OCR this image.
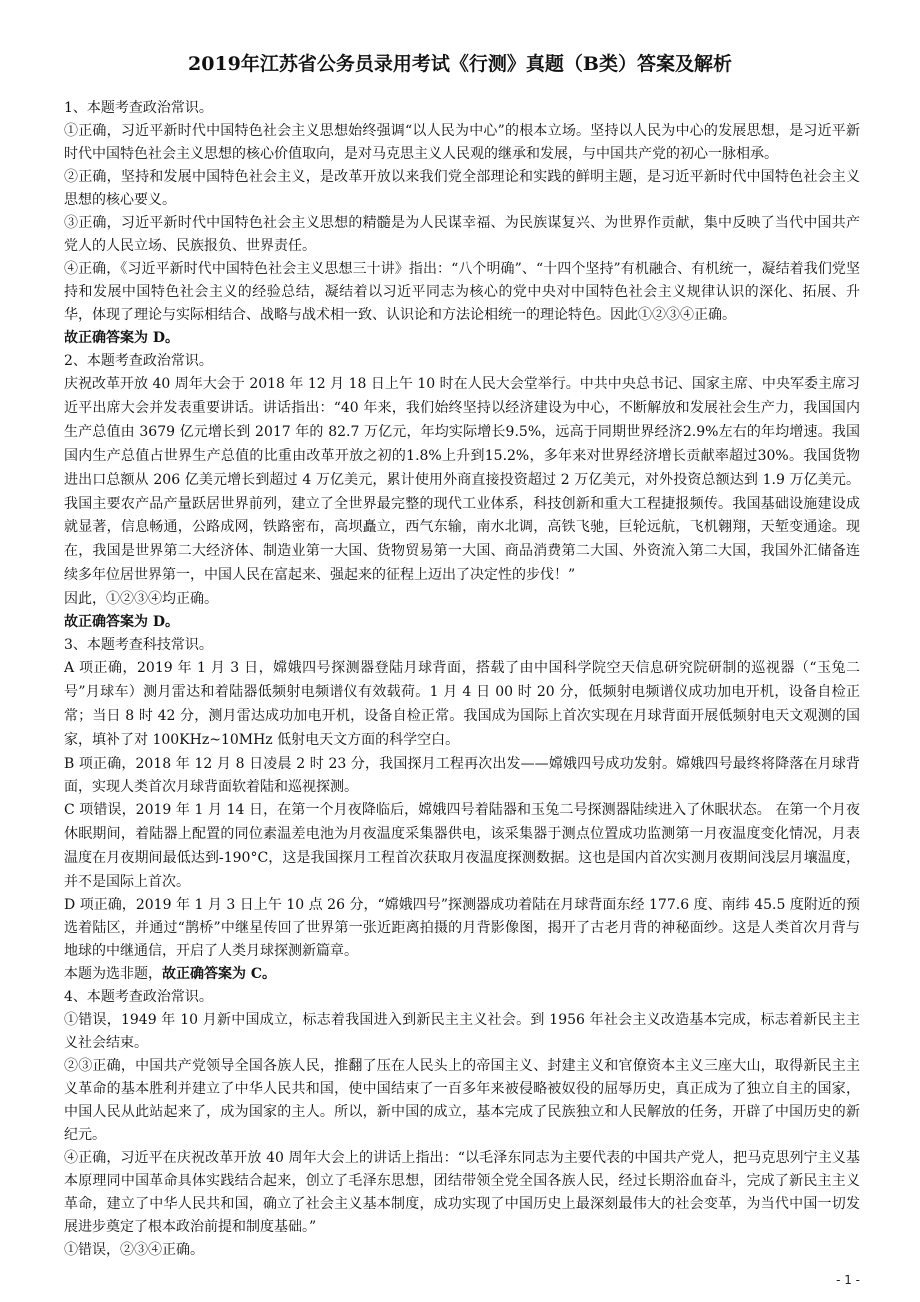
2019年江苏省公务员录用考试《行测》真题（B类）答案及解析

1、本题考查政治常识。

①正确，习近平新时代中国特色社会主义思想始终强调“以人民为中心”的根本立场。坚持以人民为中心的发展思想，是习近平新时代中国特色社会主义思想的核心价值取向，是对马克思主义人民观的继承和发展，与中国共产党的初心一脉相承。

②正确，坚持和发展中国特色社会主义，是改革开放以来我们党全部理论和实践的鲜明主题，是习近平新时代中国特色社会主义思想的核心要义。

③正确，习近平新时代中国特色社会主义思想的精髓是为人民谋幸福、为民族谋复兴、为世界作贡献，集中反映了当代中国共产党人的人民立场、民族报负、世界责任。

④正确，《习近平新时代中国特色社会主义思想三十讲》指出：“八个明确”、“十四个坚持”有机融合、有机统一，凝结着我们党坚持和发展中国特色社会主义的经验总结，凝结着以习近平同志为核心的党中央对中国特色社会主义规律认识的深化、拓展、升华，体现了理论与实际相结合、战略与战术相一致、认识论和方法论相统一的理论特色。因此①②③④正确。

故正确答案为 D。

2、本题考查政治常识。

庆祝改革开放 40 周年大会于 2018 年 12 月 18 日上午 10 时在人民大会堂举行。中共中央总书记、国家主席、中央军委主席习近平出席大会并发表重要讲话。讲话指出：“40 年来，我们始终坚持以经济建设为中心，不断解放和发展社会生产力，我国国内生产总值由 3679 亿元增长到 2017 年的 82.7 万亿元，年均实际增长9.5%，远高于同期世界经济2.9%左右的年均增速。我国国内生产总值占世界生产总值的比重由改革开放之初的1.8%上升到15.2%，多年来对世界经济增长贡献率超过30%。我国货物进出口总额从 206 亿美元增长到超过 4 万亿美元，累计使用外商直接投资超过 2 万亿美元，对外投资总额达到 1.9 万亿美元。我国主要农产品产量跃居世界前列，建立了全世界最完整的现代工业体系，科技创新和重大工程捷报频传。我国基础设施建设成就显著，信息畅通，公路成网，铁路密布，高坝矗立，西气东输，南水北调，高铁飞驰，巨轮远航，飞机翱翔，天堑变通途。现在，我国是世界第二大经济体、制造业第一大国、货物贸易第一大国、商品消费第二大国、外资流入第二大国，我国外汇储备连续多年位居世界第一，中国人民在富起来、强起来的征程上迈出了决定性的步伐！”

因此，①②③④均正确。

故正确答案为 D。

3、本题考查科技常识。

A 项正确，2019 年 1 月 3 日，嫦娥四号探测器登陆月球背面，搭载了由中国科学院空天信息研究院研制的巡视器（“玉兔二号”月球车）测月雷达和着陆器低频射电频谱仪有效载荷。1 月 4 日 00 时 20 分，低频射电频谱仪成功加电开机，设备自检正常；当日 8 时 42 分，测月雷达成功加电开机，设备自检正常。我国成为国际上首次实现在月球背面开展低频射电天文观测的国家，填补了对 100KHz~10MHz 低射电天文方面的科学空白。

B 项正确，2018 年 12 月 8 日凌晨 2 时 23 分，我国探月工程再次出发——嫦娥四号成功发射。嫦娥四号最终将降落在月球背面，实现人类首次月球背面软着陆和巡视探测。

C 项错误，2019 年 1 月 14 日，在第一个月夜降临后，嫦娥四号着陆器和玉兔二号探测器陆续进入了休眠状态。 在第一个月夜休眠期间，着陆器上配置的同位素温差电池为月夜温度采集器供电，该采集器于测点位置成功监测第一月夜温度变化情况，月表温度在月夜期间最低达到-190°C，这是我国探月工程首次获取月夜温度探测数据。这也是国内首次实测月夜期间浅层月壤温度，并不是国际上首次。

D 项正确，2019 年 1 月 3 日上午 10 点 26 分，“嫦娥四号”探测器成功着陆在月球背面东经 177.6 度、南纬 45.5 度附近的预选着陆区，并通过“鹊桥”中继星传回了世界第一张近距离拍摄的月背影像图，揭开了古老月背的神秘面纱。这是人类首次月背与地球的中继通信，开启了人类月球探测新篇章。

本题为选非题，故正确答案为 C。

4、本题考查政治常识。

①错误，1949 年 10 月新中国成立，标志着我国进入到新民主主义社会。到 1956 年社会主义改造基本完成，标志着新民主主义社会结束。

②③正确，中国共产党领导全国各族人民，推翻了压在人民头上的帝国主义、封建主义和官僚资本主义三座大山，取得新民主主义革命的基本胜利并建立了中华人民共和国，使中国结束了一百多年来被侵略被奴役的屈辱历史，真正成为了独立自主的国家，中国人民从此站起来了，成为国家的主人。所以，新中国的成立，基本完成了民族独立和人民解放的任务，开辟了中国历史的新纪元。

④正确，习近平在庆祝改革开放 40 周年大会上的讲话上指出：“以毛泽东同志为主要代表的中国共产党人，把马克思列宁主义基本原理同中国革命具体实践结合起来，创立了毛泽东思想，团结带领全党全国各族人民，经过长期浴血奋斗，完成了新民主主义革命，建立了中华人民共和国，确立了社会主义基本制度，成功实现了中国历史上最深刻最伟大的社会变革，为当代中国一切发展进步奠定了根本政治前提和制度基础。”

①错误，②③④正确。

- 1 -
